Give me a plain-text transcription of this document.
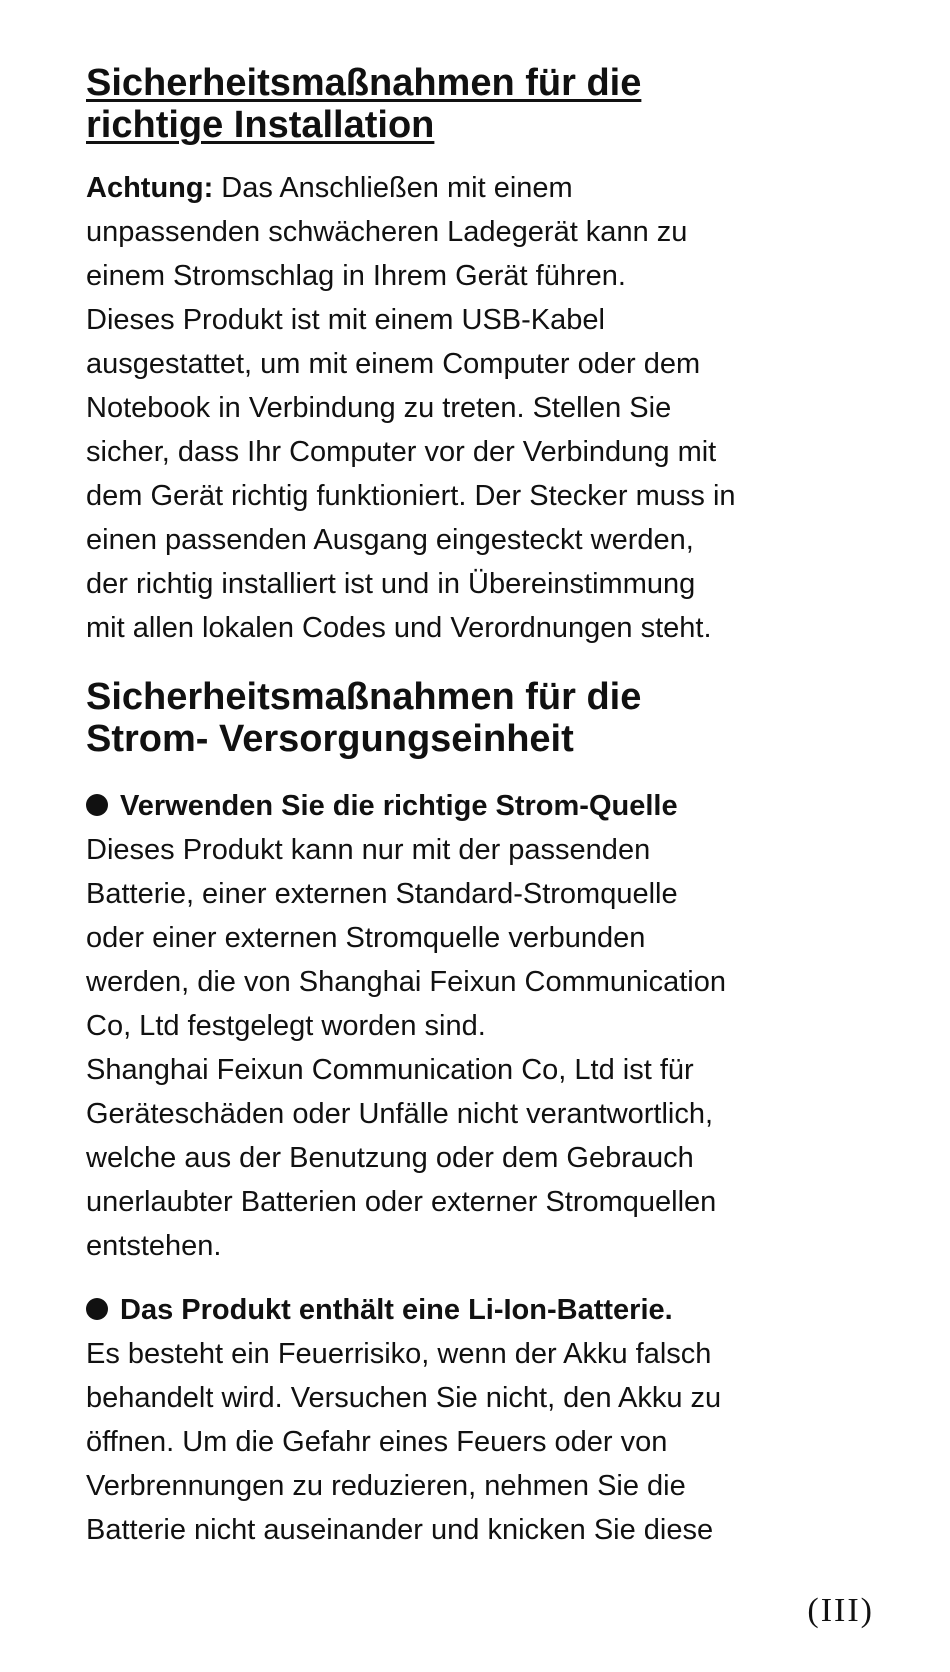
Sicherheitsmaßnahmen für die
richtige Installation

Achtung: Das Anschließen mit einem

unpassenden schwächeren Ladegerät kann zu

einem Stromschlag in Ihrem Gerät führen.

Dieses Produkt ist mit einem USB-Kabel

ausgestattet, um mit einem Computer oder dem

Notebook in Verbindung zu treten. Stellen Sie

sicher, dass Ihr Computer vor der Verbindung mit

dem Gerät richtig funktioniert. Der Stecker muss in

einen passenden Ausgang eingesteckt werden,

der richtig installiert ist und in Übereinstimmung

mit allen lokalen Codes und Verordnungen steht.

Sicherheitsmaßnahmen für die
Strom- Versorgungseinheit
Verwenden Sie die richtige Strom-Quelle

Dieses Produkt kann nur mit der passenden

Batterie, einer externen Standard-Stromquelle

oder einer externen Stromquelle verbunden

werden, die von Shanghai Feixun Communication

Co, Ltd festgelegt worden sind.

Shanghai Feixun Communication Co, Ltd ist für

Geräteschäden oder Unfälle nicht verantwortlich,

welche aus der Benutzung oder dem Gebrauch

unerlaubter Batterien oder externer Stromquellen

entstehen.

Das Produkt enthält eine Li-Ion-Batterie.

Es besteht ein Feuerrisiko, wenn der Akku falsch

behandelt wird. Versuchen Sie nicht, den Akku zu

öffnen. Um die Gefahr eines Feuers oder von

Verbrennungen zu reduzieren, nehmen Sie die

Batterie nicht auseinander und knicken Sie diese

(III)
